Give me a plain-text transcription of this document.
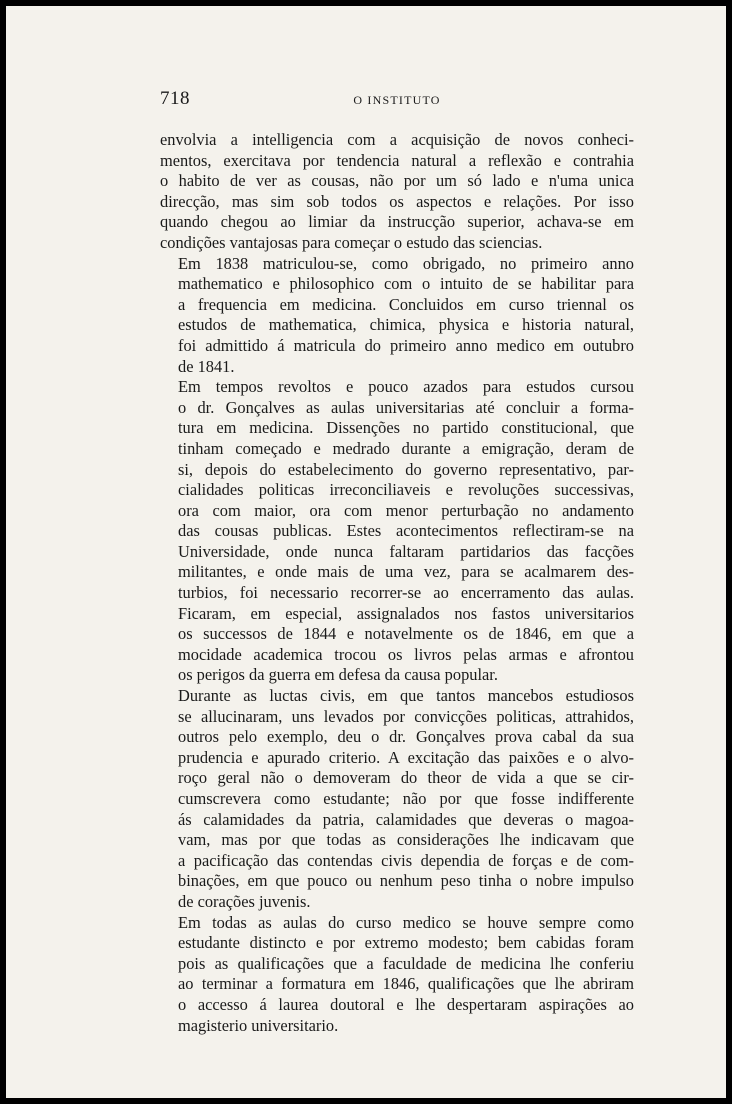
718	O INSTITUTO

envolvia a intelligencia com a acquisição de novos conheci-
mentos, exercitava por tendencia natural a reflexão e contrahia
o habito de ver as cousas, não por um só lado e n'uma unica
direcção, mas sim sob todos os aspectos e relações. Por isso
quando chegou ao limiar da instrucção superior, achava-se em
condições vantajosas para começar o estudo das sciencias.

Em 1838 matriculou-se, como obrigado, no primeiro anno
mathematico e philosophico com o intuito de se habilitar para
a frequencia em medicina. Concluidos em curso triennal os
estudos de mathematica, chimica, physica e historia natural,
foi admittido á matricula do primeiro anno medico em outubro
de 1841.

Em tempos revoltos e pouco azados para estudos cursou
o dr. Gonçalves as aulas universitarias até concluir a forma-
tura em medicina. Dissenções no partido constitucional, que
tinham começado e medrado durante a emigração, deram de
si, depois do estabelecimento do governo representativo, par-
cialidades politicas irreconciliaveis e revoluções successivas,
ora com maior, ora com menor perturbação no andamento
das cousas publicas. Estes acontecimentos reflectiram-se na
Universidade, onde nunca faltaram partidarios das facções
militantes, e onde mais de uma vez, para se acalmarem des-
turbios, foi necessario recorrer-se ao encerramento das aulas.
Ficaram, em especial, assignalados nos fastos universitarios
os successos de 1844 e notavelmente os de 1846, em que a
mocidade academica trocou os livros pelas armas e afrontou
os perigos da guerra em defesa da causa popular.

Durante as luctas civis, em que tantos mancebos estudiosos
se allucinaram, uns levados por convicções politicas, attrahidos,
outros pelo exemplo, deu o dr. Gonçalves prova cabal da sua
prudencia e apurado criterio. A excitação das paixões e o alvo-
roço geral não o demoveram do theor de vida a que se cir-
cumscrevera como estudante; não por que fosse indifferente
ás calamidades da patria, calamidades que deveras o magoa-
vam, mas por que todas as considerações lhe indicavam que
a pacificação das contendas civis dependia de forças e de com-
binações, em que pouco ou nenhum peso tinha o nobre impulso
de corações juvenis.

Em todas as aulas do curso medico se houve sempre como
estudante distincto e por extremo modesto; bem cabidas foram
pois as qualificações que a faculdade de medicina lhe conferiu
ao terminar a formatura em 1846, qualificações que lhe abriram
o accesso á laurea doutoral e lhe despertaram aspirações ao
magisterio universitario.
